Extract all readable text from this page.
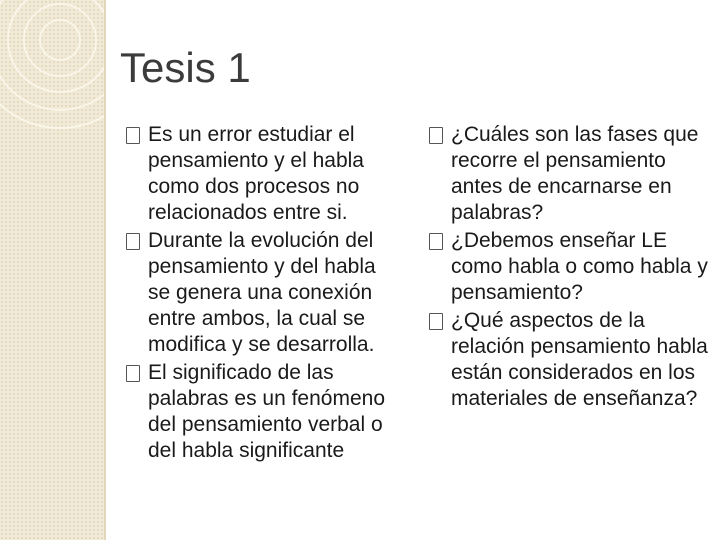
Tesis 1
Es un error estudiar el pensamiento y el habla como dos procesos no relacionados entre si.
Durante la evolución del pensamiento y del habla se genera una conexión entre ambos, la cual se modifica y se desarrolla.
El significado de las palabras es un fenómeno del pensamiento verbal o del habla significante
¿Cuáles son las fases que recorre el pensamiento antes de encarnarse en palabras?
¿Debemos enseñar LE como habla o como habla y pensamiento?
¿Qué aspectos de la relación pensamiento habla están considerados en los materiales de enseñanza?
